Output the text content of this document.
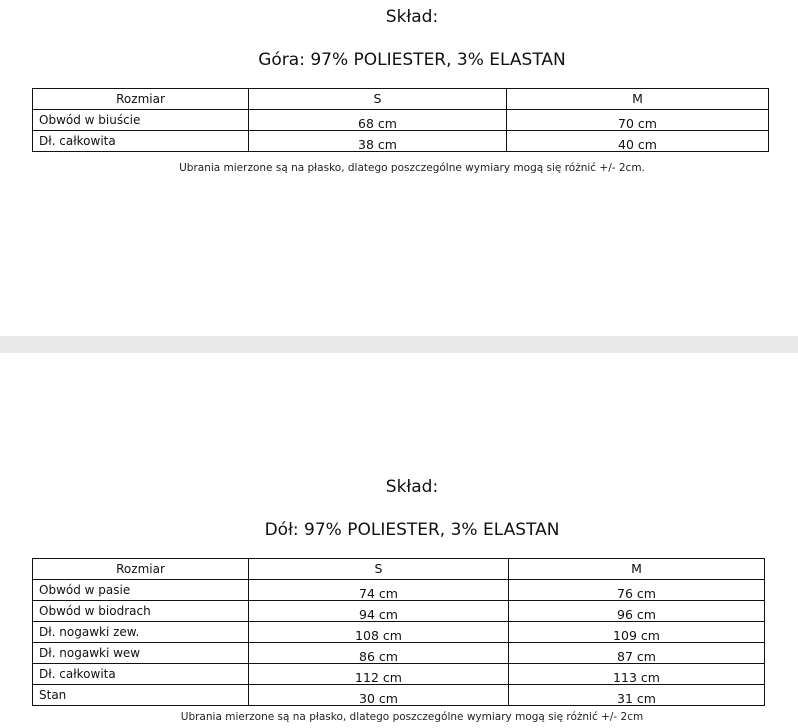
Skład:
Góra: 97% POLIESTER, 3% ELASTAN
Rozmiar	S	M
Obwód w biuście	68 cm	70 cm
Dł. całkowita	38 cm	40 cm
Ubrania mierzone są na płasko, dlatego poszczególne wymiary mogą się różnić +/- 2cm.
Skład:
Dół: 97% POLIESTER, 3% ELASTAN
Rozmiar	S	M
Obwód w pasie	74 cm	76 cm
Obwód w biodrach	94 cm	96 cm
Dł. nogawki zew.	108 cm	109 cm
Dł. nogawki wew	86 cm	87 cm
Dł. całkowita	112 cm	113 cm
Stan	30 cm	31 cm
Ubrania mierzone są na płasko, dlatego poszczególne wymiary mogą się różnić +/- 2cm
